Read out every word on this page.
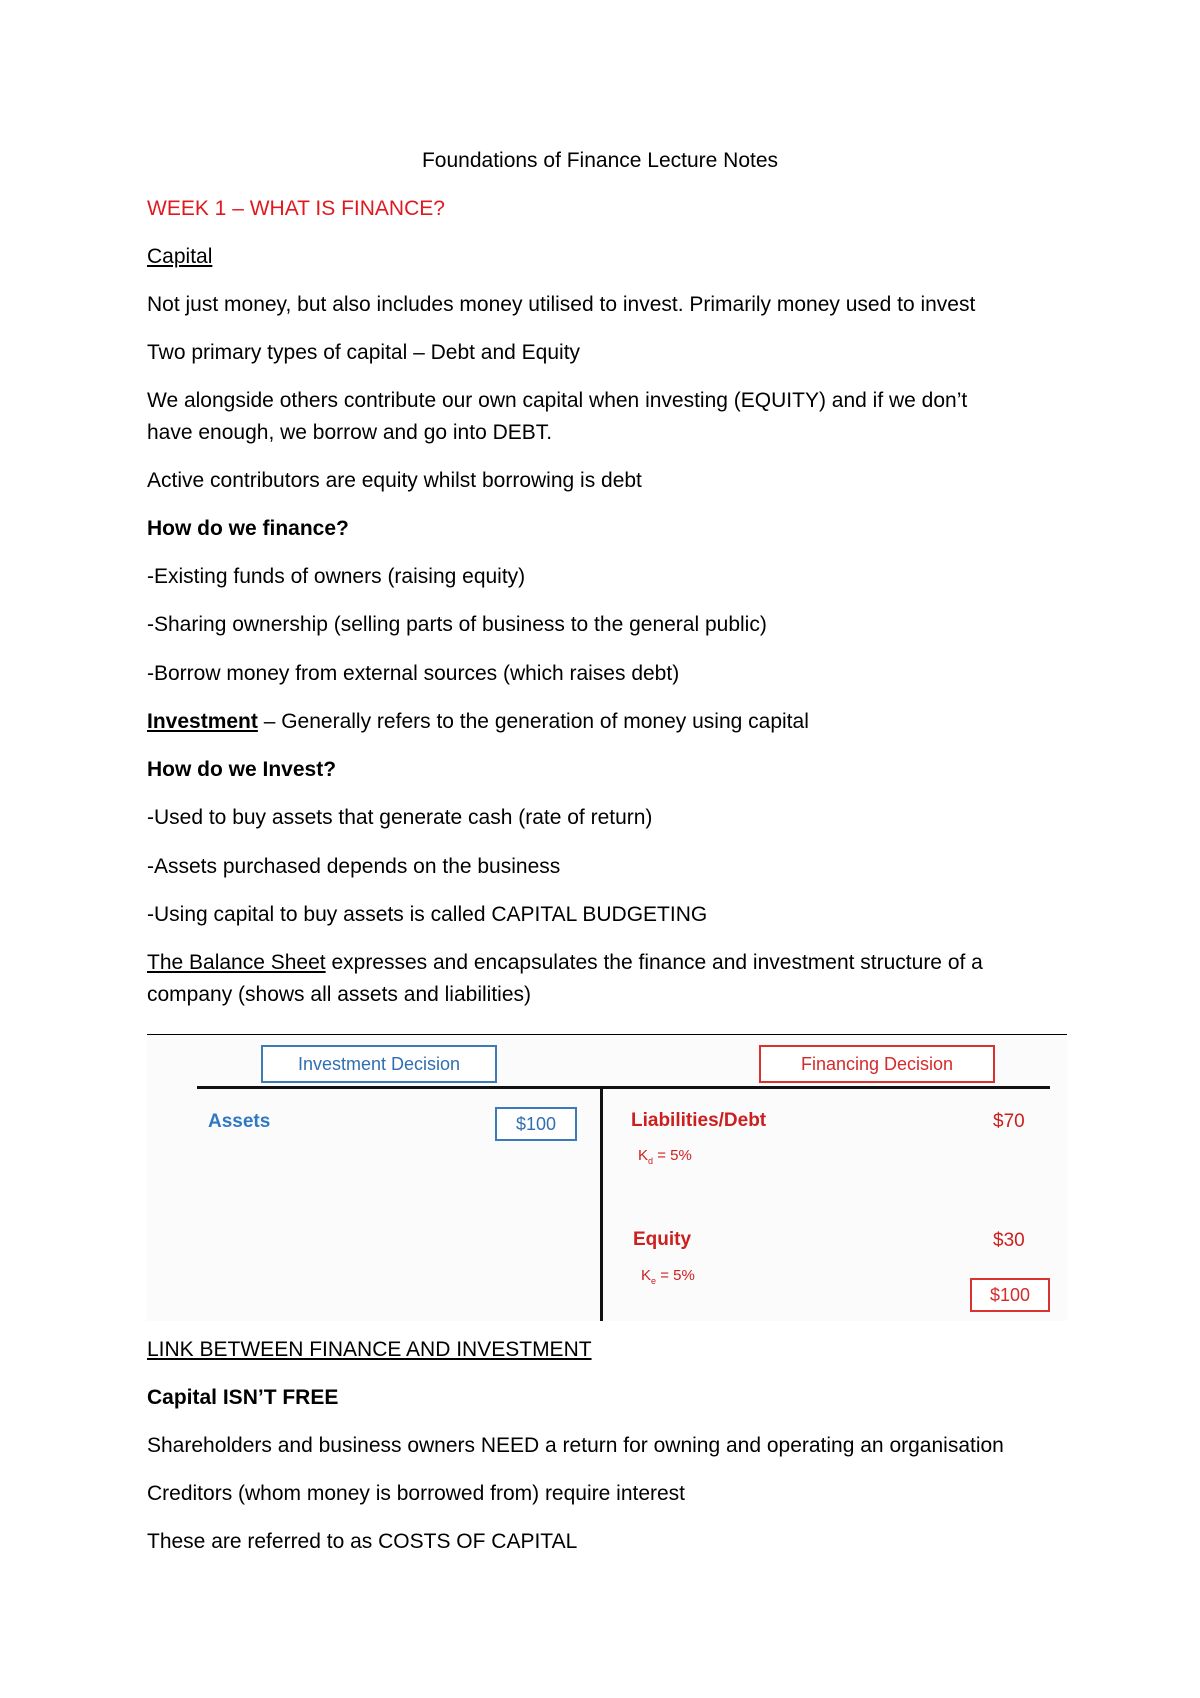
Foundations of Finance Lecture Notes
WEEK 1 – WHAT IS FINANCE?
Capital
Not just money, but also includes money utilised to invest. Primarily money used to invest
Two primary types of capital – Debt and Equity
We alongside others contribute our own capital when investing (EQUITY) and if we don’t
have enough, we borrow and go into DEBT.
Active contributors are equity whilst borrowing is debt
How do we finance?
-Existing funds of owners (raising equity)
-Sharing ownership (selling parts of business to the general public)
-Borrow money from external sources (which raises debt)
Investment – Generally refers to the generation of money using capital
How do we Invest?
-Used to buy assets that generate cash (rate of return)
-Assets purchased depends on the business
-Using capital to buy assets is called CAPITAL BUDGETING
The Balance Sheet expresses and encapsulates the finance and investment structure of a
company (shows all assets and liabilities)
Investment Decision	Financing Decision
Assets	$100	Liabilities/Debt	$70
$K_d = 5\%$
Equity	$30
$K_e = 5\%$
$100
LINK BETWEEN FINANCE AND INVESTMENT
Capital ISN’T FREE
Shareholders and business owners NEED a return for owning and operating an organisation
Creditors (whom money is borrowed from) require interest
These are referred to as COSTS OF CAPITAL
